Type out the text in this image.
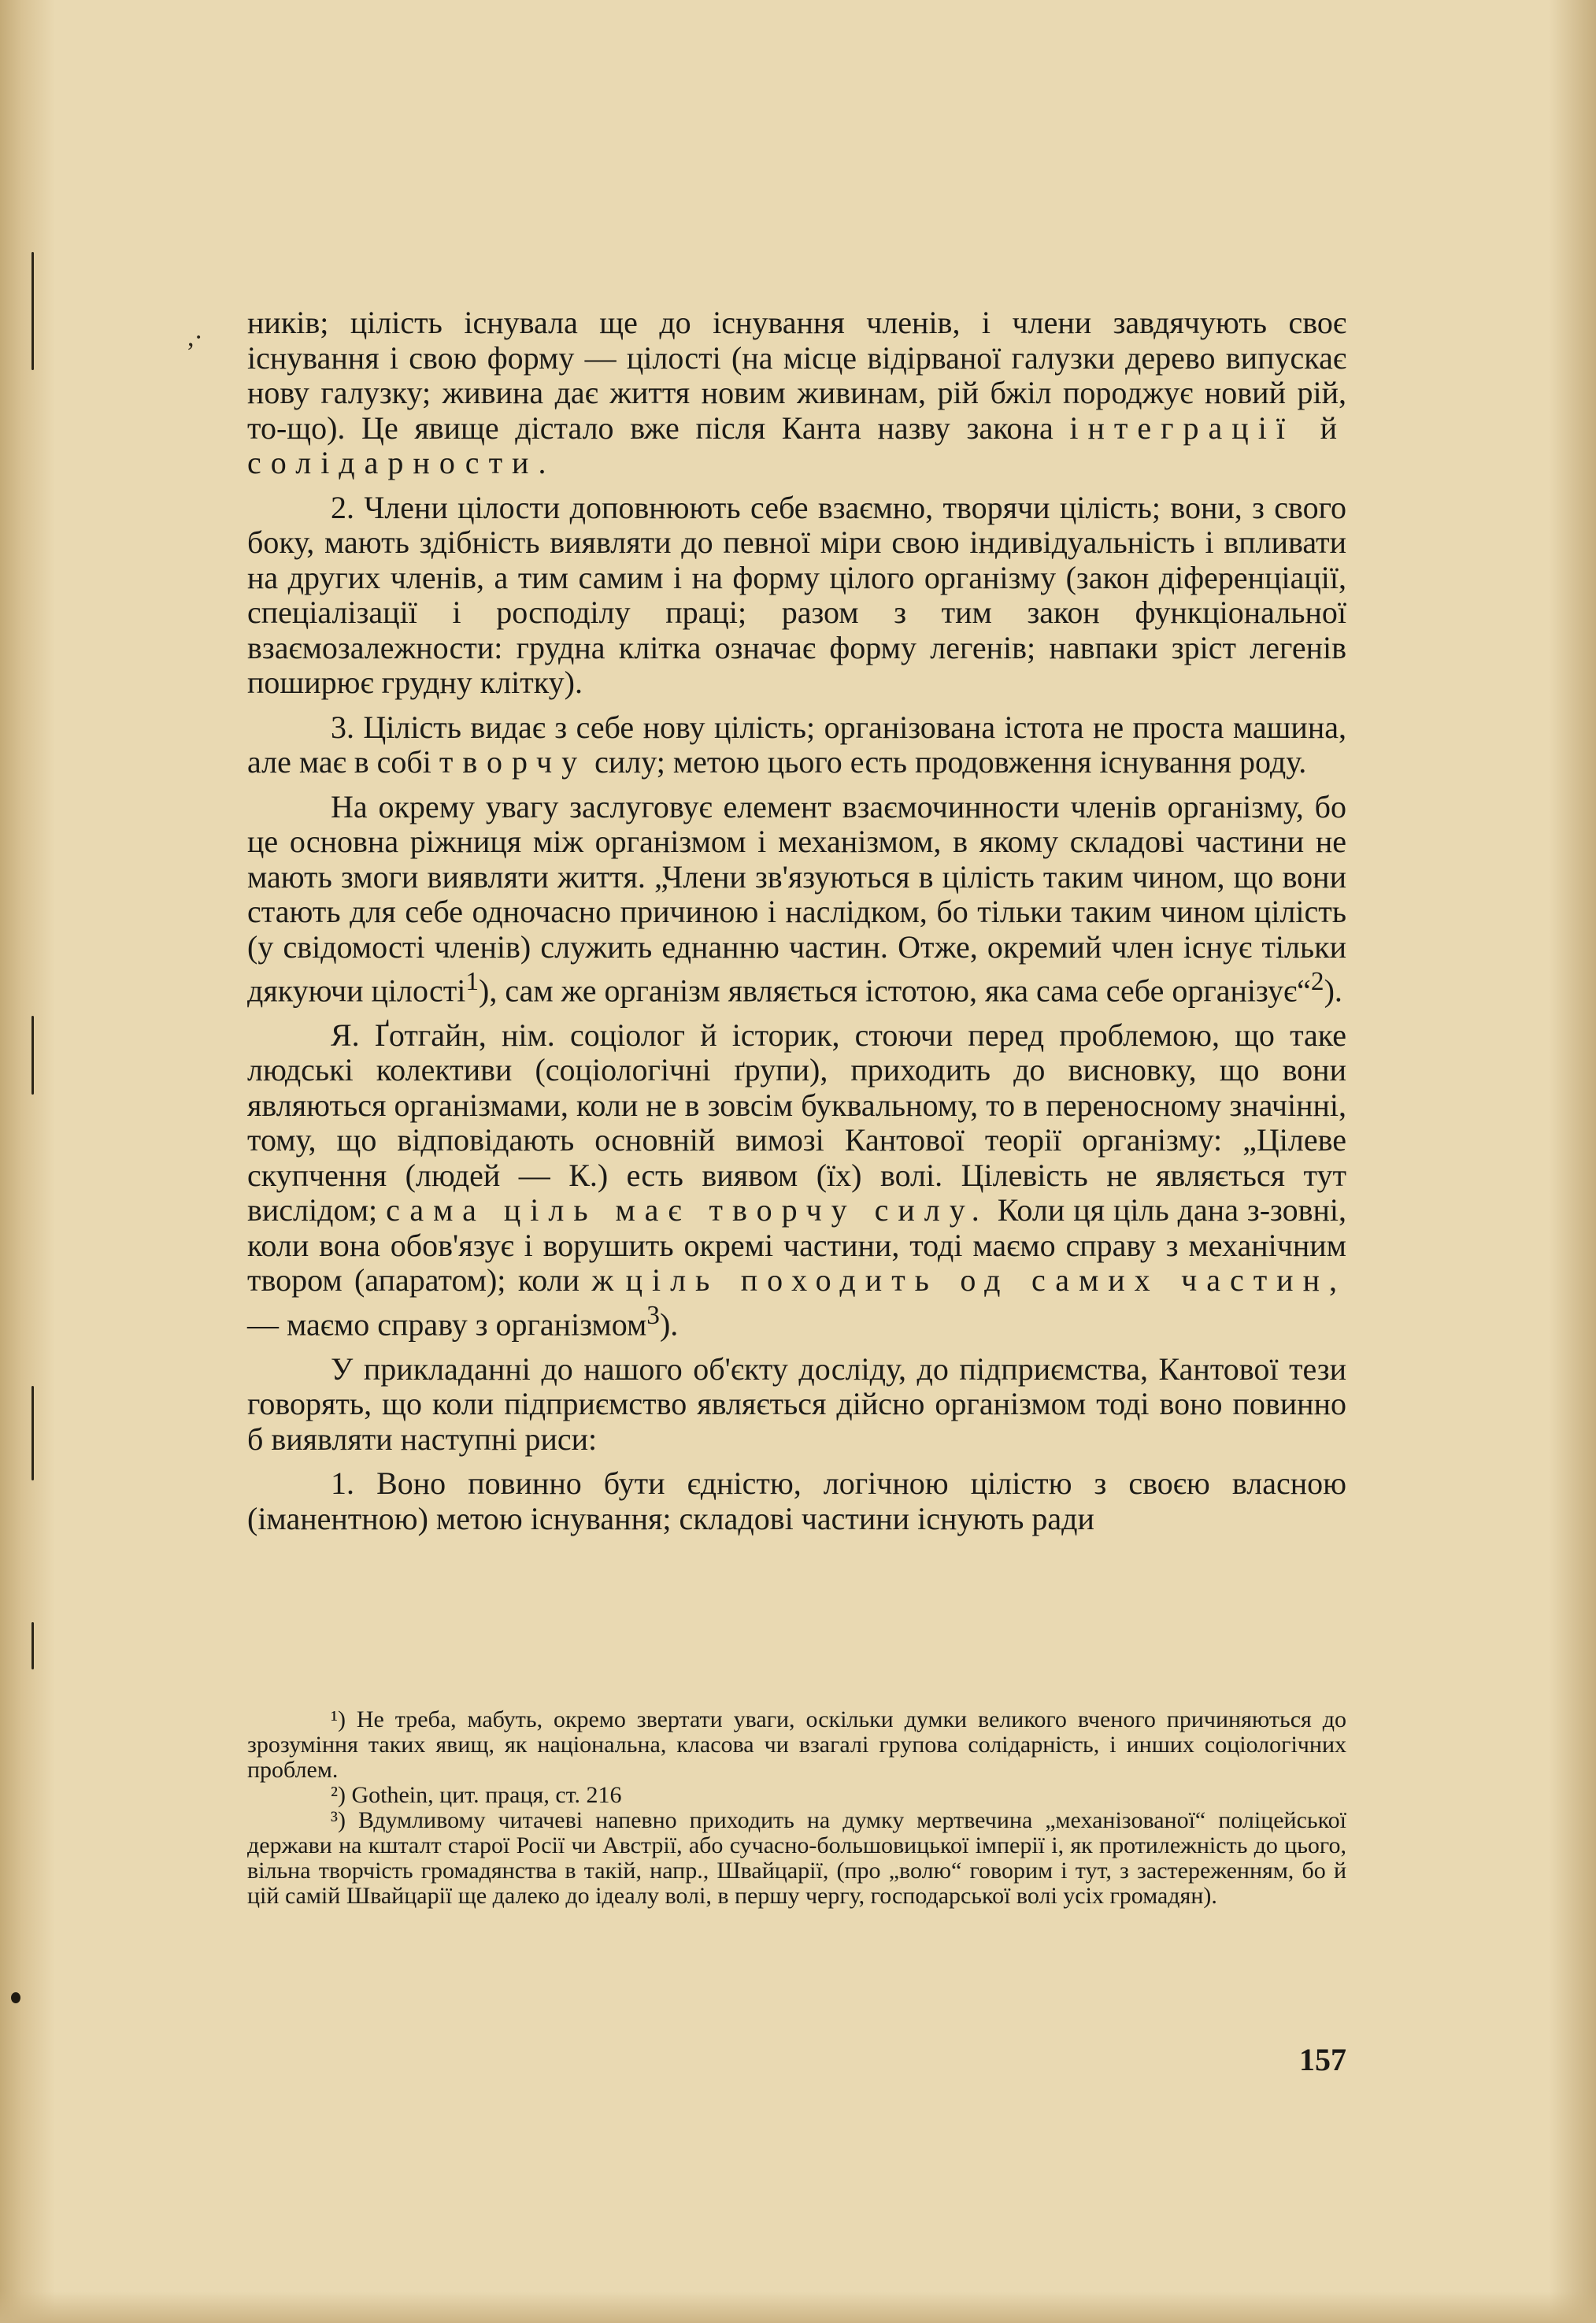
,· ників; цілість існувала ще до існування членів, і члени завдячують своє існування і свою форму — цілості (на місце відірваної галузки дерево випускає нову галузку; живина дає життя новим живинам, рій бжіл породжує новий рій, то-що). Це явище дістало вже після Канта назву закона інтеграції й солідарности.

2. Члени цілости доповнюють себе взаємно, творячи цілість; вони, з свого боку, мають здібність виявляти до певної міри свою індивідуальність і впливати на других членів, а тим самим і на форму цілого організму (закон діференціації, спеціалізації і росподілу праці; разом з тим закон функціональної взаємозалежности: грудна клітка означає форму легенів; навпаки зріст легенів поширює грудну клітку).

3. Цілість видає з себе нову цілість; організована істота не проста машина, але має в собі творчу силу; метою цього есть продовження існування роду.

На окрему увагу заслуговує елемент взаємочинности членів організму, бо це основна ріжниця між організмом і механізмом, в якому складові частини не мають змоги виявляти життя. „Члени зв'язуються в цілість таким чином, що вони стають для себе одночасно причиною і наслідком, бо тільки таким чином цілість (у свідомості членів) служить еднанню частин. Отже, окремий член існує тільки дякуючи цілості$^1$), сам же організм являється істотою, яка сама себе організує“$^2$).

Я. Ґотгайн, нім. соціолог й історик, стоючи перед проблемою, що таке людські колективи (соціологічні ґрупи), приходить до висновку, що вони являються організмами, коли не в зовсім буквальному, то в переносному значінні, тому, що відповідають основній вимозі Кантової теорії організму: „Цілеве скупчення (людей — К.) есть виявом (їх) волі. Цілевість не являється тут вислідом; сама ціль має творчу силу. Коли ця ціль дана з-зовні, коли вона обов'язує і ворушить окремі частини, тоді маємо справу з механічним твором (апаратом); коли ж ціль походить од самих частин, — маємо справу з організмом$^3$).

У прикладанні до нашого об'єкту досліду, до підприємства, Кантової тези говорять, що коли підприємство являється дійсно організмом тоді воно повинно б виявляти наступні риси:

1. Воно повинно бути єдністю, логічною цілістю з своєю власною (іманентною) метою існування; складові частини існують ради

¹) Не треба, мабуть, окремо звертати уваги, оскільки думки великого вченого причиняються до зрозуміння таких явищ, як національна, класова чи взагалі групова солідарність, і инших соціологічних проблем.

²) Gothein, цит. праця, ст. 216

³) Вдумливому читачеві напевно приходить на думку мертвечина „механізованої“ поліцейської держави на кшталт старої Росії чи Австрії, або сучасно-большовицької імперії і, як протилежність до цього, вільна творчість громадянства в такій, напр., Швайцарії, (про „волю“ говорим і тут, з застереженням, бо й цій самій Швайцарії ще далеко до ідеалу волі, в першу чергу, господарської волі усіх громадян).

157
